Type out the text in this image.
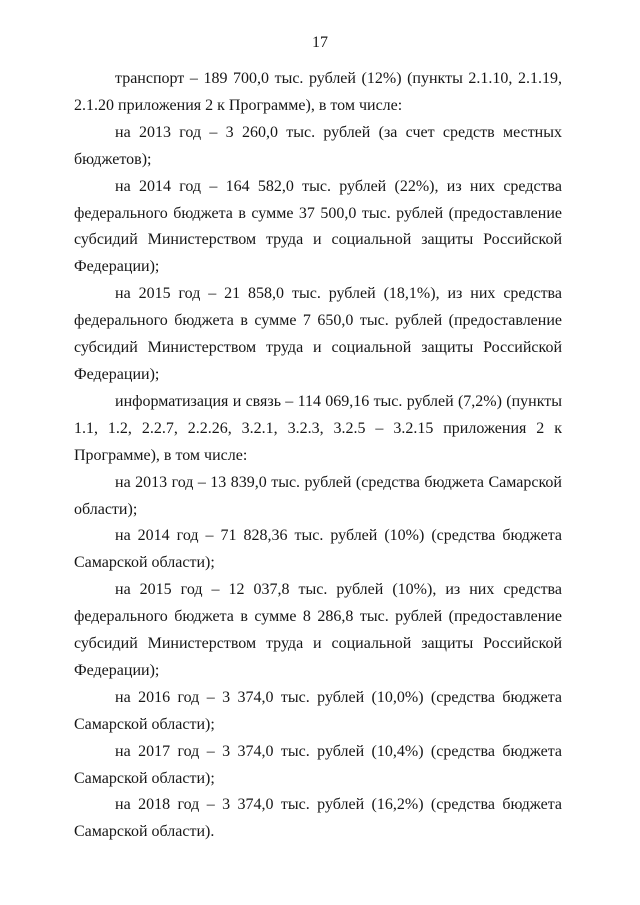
17

транспорт – 189 700,0 тыс. рублей (12%) (пункты 2.1.10, 2.1.19, 2.1.20 приложения 2 к Программе), в том числе:

на 2013 год – 3 260,0 тыс. рублей (за счет средств местных бюджетов);

на 2014 год – 164 582,0 тыс. рублей (22%), из них средства федерального бюджета в сумме 37 500,0 тыс. рублей (предоставление субсидий Министерством труда и социальной защиты Российской Федерации);

на 2015 год – 21 858,0 тыс. рублей (18,1%), из них средства федерального бюджета в сумме 7 650,0 тыс. рублей (предоставление субсидий Министерством труда и социальной защиты Российской Федерации);

информатизация и связь – 114 069,16 тыс. рублей (7,2%) (пункты 1.1, 1.2, 2.2.7, 2.2.26, 3.2.1, 3.2.3, 3.2.5 – 3.2.15 приложения 2 к Программе), в том числе:

на 2013 год – 13 839,0 тыс. рублей (средства бюджета Самарской области);

на 2014 год – 71 828,36 тыс. рублей (10%) (средства бюджета Самарской области);

на 2015 год – 12 037,8 тыс. рублей (10%), из них средства федерального бюджета в сумме 8 286,8 тыс. рублей (предоставление субсидий Министерством труда и социальной защиты Российской Федерации);

на 2016 год – 3 374,0 тыс. рублей (10,0%) (средства бюджета Самарской области);

на 2017 год – 3 374,0 тыс. рублей (10,4%) (средства бюджета Самарской области);

на 2018 год – 3 374,0 тыс. рублей (16,2%) (средства бюджета Самарской области).
